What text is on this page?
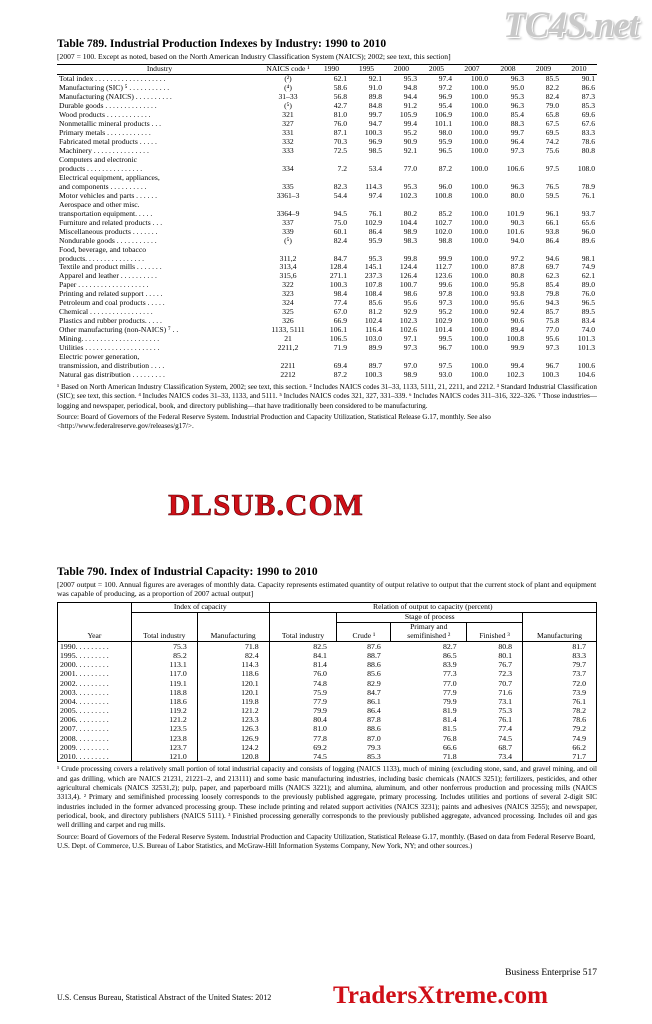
TC4S.net
DLSUB.COM
TradersXtreme.com
Table 789. Industrial Production Indexes by Industry: 1990 to 2010
[2007 = 100. Except as noted, based on the North American Industry Classification System (NAICS); 2002; see text, this section]
Industry	NAICS code ¹	1990	1995	2000	2005	2007	2008	2009	2010
Total index . . . . . . . . . . . . . . . . . . .	(²)	62.1	92.1	95.3	97.4	100.0	96.3	85.5	90.1
Manufacturing (SIC) ⁵ . . . . . . . . . . .	(⁴)	58.6	91.0	94.8	97.2	100.0	95.0	82.2	86.6
Manufacturing (NAICS) . . . . . . . . . .	31–33	56.8	89.8	94.4	96.9	100.0	95.3	82.4	87.3
Durable goods . . . . . . . . . . . . . .	(⁵)	42.7	84.8	91.2	95.4	100.0	96.3	79.0	85.3
Wood products . . . . . . . . . . . .	321	81.0	99.7	105.9	106.9	100.0	85.4	65.8	69.6
Nonmetallic mineral products . . .	327	76.0	94.7	99.4	101.1	100.0	88.3	67.5	67.6
Primary metals . . . . . . . . . . . .	331	87.1	100.3	95.2	98.0	100.0	99.7	69.5	83.3
Fabricated metal products . . . . .	332	70.3	96.9	90.9	95.9	100.0	96.4	74.2	78.6
Machinery . . . . . . . . . . . . . . .	333	72.5	98.5	92.1	96.5	100.0	97.3	75.6	80.8
Computers and electronic									
products . . . . . . . . . . . . . . .	334	7.2	53.4	77.0	87.2	100.0	106.6	97.5	108.0
Electrical equipment, appliances,									
and components . . . . . . . . . .	335	82.3	114.3	95.3	96.0	100.0	96.3	76.5	78.9
Motor vehicles and parts . . . . . .	3361–3	54.4	97.4	102.3	100.8	100.0	80.0	59.5	76.1
Aerospace and other misc.									
transportation equipment. . . . .	3364–9	94.5	76.1	80.2	85.2	100.0	101.9	96.1	93.7
Furniture and related products . . .	337	75.0	102.9	104.4	102.7	100.0	90.3	66.1	65.6
Miscellaneous products . . . . . . .	339	60.1	86.4	98.9	102.0	100.0	101.6	93.8	96.0
Nondurable goods . . . . . . . . . . .	(⁵)	82.4	95.9	98.3	98.8	100.0	94.0	86.4	89.6
Food, beverage, and tobacco									
products. . . . . . . . . . . . . . . .	311,2	84.7	95.3	99.8	99.9	100.0	97.2	94.6	98.1
Textile and product mills . . . . . . .	313,4	128.4	145.1	124.4	112.7	100.0	87.8	69.7	74.9
Apparel and leather . . . . . . . . . .	315,6	271.1	237.3	126.4	123.6	100.0	80.8	62.3	62.1
Paper . . . . . . . . . . . . . . . . . . .	322	100.3	107.8	100.7	99.6	100.0	95.8	85.4	89.0
Printing and related support . . . . .	323	98.4	108.4	98.6	97.8	100.0	93.8	79.8	76.0
Petroleum and coal products . . . . .	324	77.4	85.6	95.6	97.3	100.0	95.6	94.3	96.5
Chemical . . . . . . . . . . . . . . . . .	325	67.0	81.2	92.9	95.2	100.0	92.4	85.7	89.5
Plastics and rubber products. . . . .	326	66.9	102.4	102.3	102.9	100.0	90.6	75.8	83.4
Other manufacturing (non-NAICS) ⁷ . .	1133, 5111	106.1	116.4	102.6	101.4	100.0	89.4	77.0	74.0
Mining. . . . . . . . . . . . . . . . . . . . .	21	106.5	103.0	97.1	99.5	100.0	100.8	95.6	101.3
Utilities . . . . . . . . . . . . . . . . . . . .	2211,2	71.9	89.9	97.3	96.7	100.0	99.9	97.3	101.3
Electric power generation,									
transmission, and distribution . . . .	2211	69.4	89.7	97.0	97.5	100.0	99.4	96.7	100.6
Natural gas distribution . . . . . . . . .	2212	87.2	100.3	98.9	93.0	100.0	102.3	100.3	104.6
¹ Based on North American Industry Classification System, 2002; see text, this section. ² Includes NAICS codes 31–33, 1133, 5111, 21, 2211, and 2212. ³ Standard Industrial Classification (SIC); see text, this section. ⁴ Includes NAICS codes 31–33, 1133, and 5111. ⁵ Includes NAICS codes 321, 327, 331–339. ⁶ Includes NAICS codes 311–316, 322–326. ⁷ Those industries—logging and newspaper, periodical, book, and directory publishing—that have traditionally been considered to be manufacturing.
Source: Board of Governors of the Federal Reserve System. Industrial Production and Capacity Utilization, Statistical Release G.17, monthly. See also <http://www.federalreserve.gov/releases/g17/>.
Table 790. Index of Industrial Capacity: 1990 to 2010
[2007 output = 100. Annual figures are averages of monthly data. Capacity represents estimated quantity of output relative to output that the current stock of plant and equipment was capable of producing, as a proportion of 2007 actual output]
Year	Index of capacity		Relation of output to capacity (percent)				
	Total industry	Manufacturing	Total industry	Stage of process			Manufacturing
				Crude ¹	Primary and semifinished ²	Finished ³	
1990. . . . . . . . .	75.3	71.8	82.5	87.6	82.7	80.8	81.7
1995. . . . . . . . .	85.2	82.4	84.1	88.7	86.5	80.1	83.3
2000. . . . . . . . .	113.1	114.3	81.4	88.6	83.9	76.7	79.7
2001. . . . . . . . .	117.0	118.6	76.0	85.6	77.3	72.3	73.7
2002. . . . . . . . .	119.1	120.1	74.8	82.9	77.0	70.7	72.0
2003. . . . . . . . .	118.8	120.1	75.9	84.7	77.9	71.6	73.9
2004. . . . . . . . .	118.6	119.8	77.9	86.1	79.9	73.1	76.1
2005. . . . . . . . .	119.2	121.2	79.9	86.4	81.9	75.3	78.2
2006. . . . . . . . .	121.2	123.3	80.4	87.8	81.4	76.1	78.6
2007. . . . . . . . .	123.5	126.3	81.0	88.6	81.5	77.4	79.2
2008. . . . . . . . .	123.8	126.9	77.8	87.0	76.8	74.5	74.9
2009. . . . . . . . .	123.7	124.2	69.2	79.3	66.6	68.7	66.2
2010. . . . . . . . .	121.0	120.8	74.5	85.3	71.8	73.4	71.7
¹ Crude processing covers a relatively small portion of total industrial capacity and consists of logging (NAICS 1133), much of mining (excluding stone, sand, and gravel mining, and oil and gas drilling, which are NAICS 21231, 21221–2, and 213111) and some basic manufacturing industries, including basic chemicals (NAICS 3251); fertilizers, pesticides, and other agricultural chemicals (NAICS 32531,2); pulp, paper, and paperboard mills (NAICS 3221); and alumina, aluminum, and other nonferrous production and processing mills (NAICS 3313,4). ² Primary and semifinished processing loosely corresponds to the previously published aggregate, primary processing. Includes utilities and portions of several 2-digit SIC industries included in the former advanced processing group. These include printing and related support activities (NAICS 3231); paints and adhesives (NAICS 3255); and newspaper, periodical, book, and directory publishers (NAICS 5111). ³ Finished processing generally corresponds to the previously published aggregate, advanced processing. Includes oil and gas well drilling and carpet and rug mills.
Source: Board of Governors of the Federal Reserve System. Industrial Production and Capacity Utilization, Statistical Release G.17, monthly. (Based on data from Federal Reserve Board, U.S. Dept. of Commerce, U.S. Bureau of Labor Statistics, and McGraw-Hill Information Systems Company, New York, NY; and other sources.)
Business Enterprise 517
U.S. Census Bureau, Statistical Abstract of the United States: 2012
